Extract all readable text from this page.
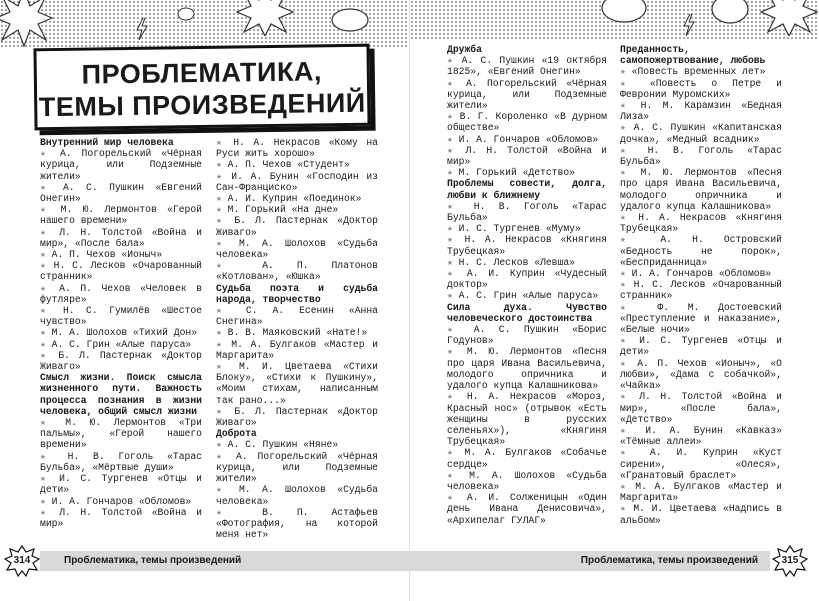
ПРОБЛЕМАТИКА,
ТЕМЫ ПРОИЗВЕДЕНИЙ

Внутренний мир человека

★ А. Погорельский «Чёрная курица, или Подземные жители»

★ А. С. Пушкин «Евгений Онегин»

★ М. Ю. Лермонтов «Герой нашего времени»

★ Л. Н. Толстой «Война и мир», «После бала»

★ А. П. Чехов «Ионыч»

★ Н. С. Лесков «Очарованный странник»

★ А. П. Чехов «Человек в футляре»

★ Н. С. Гумилёв «Шестое чувство»

★ М. А. Шолохов «Тихий Дон»

★ А. С. Грин «Алые паруса»

★ Б. Л. Пастернак «Доктор Живаго»

Смысл жизни. Поиск смысла жизненного пути. Важность процесса познания в жизни человека, общий смысл жизни

★ М. Ю. Лермонтов «Три пальмы», «Герой нашего времени»

★ Н. В. Гоголь «Тарас Бульба», «Мёртвые души»

★ И. С. Тургенев «Отцы и дети»

★ И. А. Гончаров «Обломов»

★ Л. Н. Толстой «Война и мир»

★ Н. А. Некрасов «Кому на Руси жить хорошо»

★ А. П. Чехов «Студент»

★ И. А. Бунин «Господин из Сан-Франциско»

★ А. И. Куприн «Поединок»

★ М. Горький «На дне»

★ Б. Л. Пастернак «Доктор Живаго»

★ М. А. Шолохов «Судьба человека»

★ А. П. Платонов «Котлован», «Юшка»

Судьба поэта и судьба народа, творчество

★ С. А. Есенин «Анна Снегина»

★ В. В. Маяковский «Нате!»

★ М. А. Булгаков «Мастер и Маргарита»

★ М. И. Цветаева «Стихи Блоку», «Стихи к Пушкину», «Моим стихам, написанным так рано...»

★ Б. Л. Пастернак «Доктор Живаго»

Доброта

★ А. С. Пушкин «Няне»

★ А. Погорельский «Чёрная курица, или Подземные жители»

★ М. А. Шолохов «Судьба человека»

★ В. П. Астафьев «Фотография, на которой меня нет»

Проблематика, темы произведений
314

Дружба

★ А. С. Пушкин «19 октября 1825», «Евгений Онегин»

★ А. Погорельский «Чёрная курица, или Подземные жители»

★ В. Г. Короленко «В дурном обществе»

★ И. А. Гончаров «Обломов»

★ Л. Н. Толстой «Война и мир»

★ М. Горький «Детство»

Проблемы совести, долга, любви к ближнему

★ Н. В. Гоголь «Тарас Бульба»

★ И. С. Тургенев «Муму»

★ Н. А. Некрасов «Княгиня Трубецкая»

★ Н. С. Лесков «Левша»

★ А. И. Куприн «Чудесный доктор»

★ А. С. Грин «Алые паруса»

Сила духа. Чувство человеческого достоинства

★ А. С. Пушкин «Борис Годунов»

★ М. Ю. Лермонтов «Песня про царя Ивана Васильевича, молодого опричника и удалого купца Калашникова»

★ Н. А. Некрасов «Мороз, Красный нос» (отрывок «Есть женщины в русских селеньях»), «Княгиня Трубецкая»

★ М. А. Булгаков «Собачье сердце»

★ М. А. Шолохов «Судьба человека»

★ А. И. Солженицын «Один день Ивана Денисовича», «Архипелаг ГУЛАГ»

Преданность, самопожертвование, любовь

★ «Повесть временных лет»

★ «Повесть о Петре и Февронии Муромских»

★ Н. М. Карамзин «Бедная Лиза»

★ А. С. Пушкин «Капитанская дочка», «Медный всадник»

★ Н. В. Гоголь «Тарас Бульба»

★ М. Ю. Лермонтов «Песня про царя Ивана Васильевича, молодого опричника и удалого купца Калашникова»

★ Н. А. Некрасов «Княгиня Трубецкая»

★ А. Н. Островский «Бедность не порок», «Бесприданница»

★ И. А. Гончаров «Обломов»

★ Н. С. Лесков «Очарованный странник»

★ Ф. М. Достоевский «Преступление и наказание», «Белые ночи»

★ И. С. Тургенев «Отцы и дети»

★ А. П. Чехов «Ионыч», «О любви», «Дама с собачкой», «Чайка»

★ Л. Н. Толстой «Война и мир», «После бала», «Детство»

★ И. А. Бунин «Кавказ» «Тёмные аллеи»

★ А. И. Куприн «Куст сирени», «Олеся», «Гранатовый браслет»

★ М. А. Булгаков «Мастер и Маргарита»

★ М. И. Цветаева «Надпись в альбом»

Проблематика, темы произведений	315
